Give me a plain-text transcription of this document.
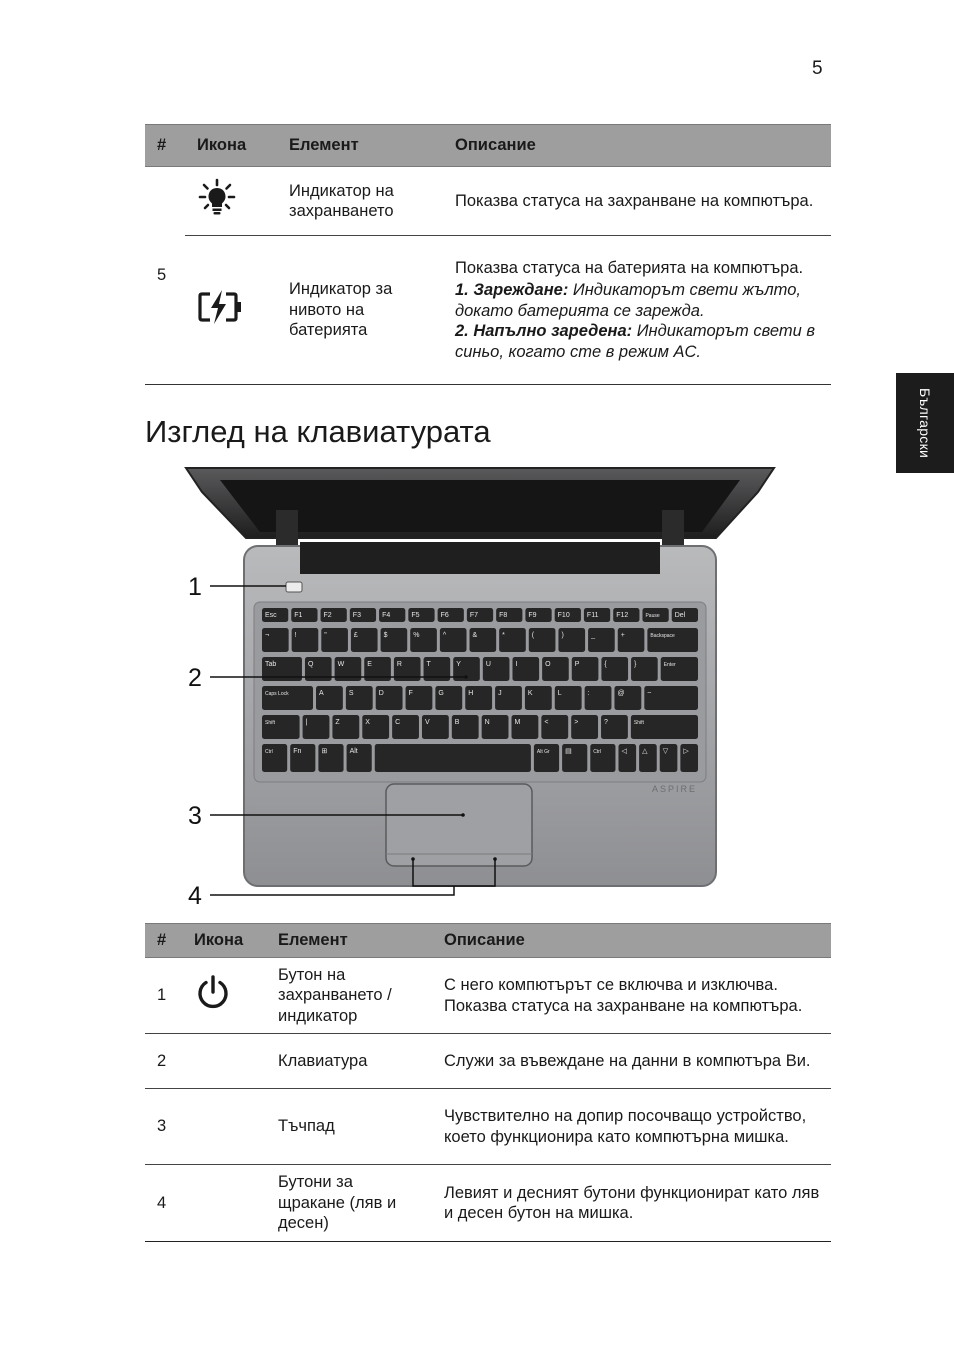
5
Български
#	Икона	Елемент	Описание
5		Индикатор на захранването	Показва статуса на захранване на компютъра.
	Индикатор за нивото на батерията	Показва статуса на батерията на компютъра.

1. Зареждане: Индикаторът свети жълто, докато батерията се зарежда.

2. Напълно заредена: Индикаторът свети в синьо, когато сте в режим AC.

Изглед на клавиатурата
Esc	F1	F2	F3	F4	F5	F6	F7	F8	F9	F10 F11	F12	Pause Del
¬	!	"	£	$	%	^	&	*	(	)	_	+	Backspace
Tab	Q	W	E	R	T	Y	U	I	O	P	{	}	Enter
Caps Lock	A	S	D	F	G	H	J	K	L	:	@	~
Shift	|	Z	X	C	V	B	N	M	<	>	?	Shift
Ctrl	Fn	⊞	Alt	Alt Gr ▤	Ctrl	◁ △ ▽ ▷
ASPIRE
1
2
3
4
#	Икона	Елемент	Описание
1		Бутон на захранването / индикатор	С него компютърът се включва и изключва. Показва статуса на захранване на компютъра.
2		Клавиатура	Служи за въвеждане на данни в компютъра Ви.
3		Тъчпад	Чувствително на допир посочващо устройство, което функционира като компютърна мишка.
4		Бутони за щракане (ляв и десен)	Левият и десният бутони функционират като ляв и десен бутон на мишка.
